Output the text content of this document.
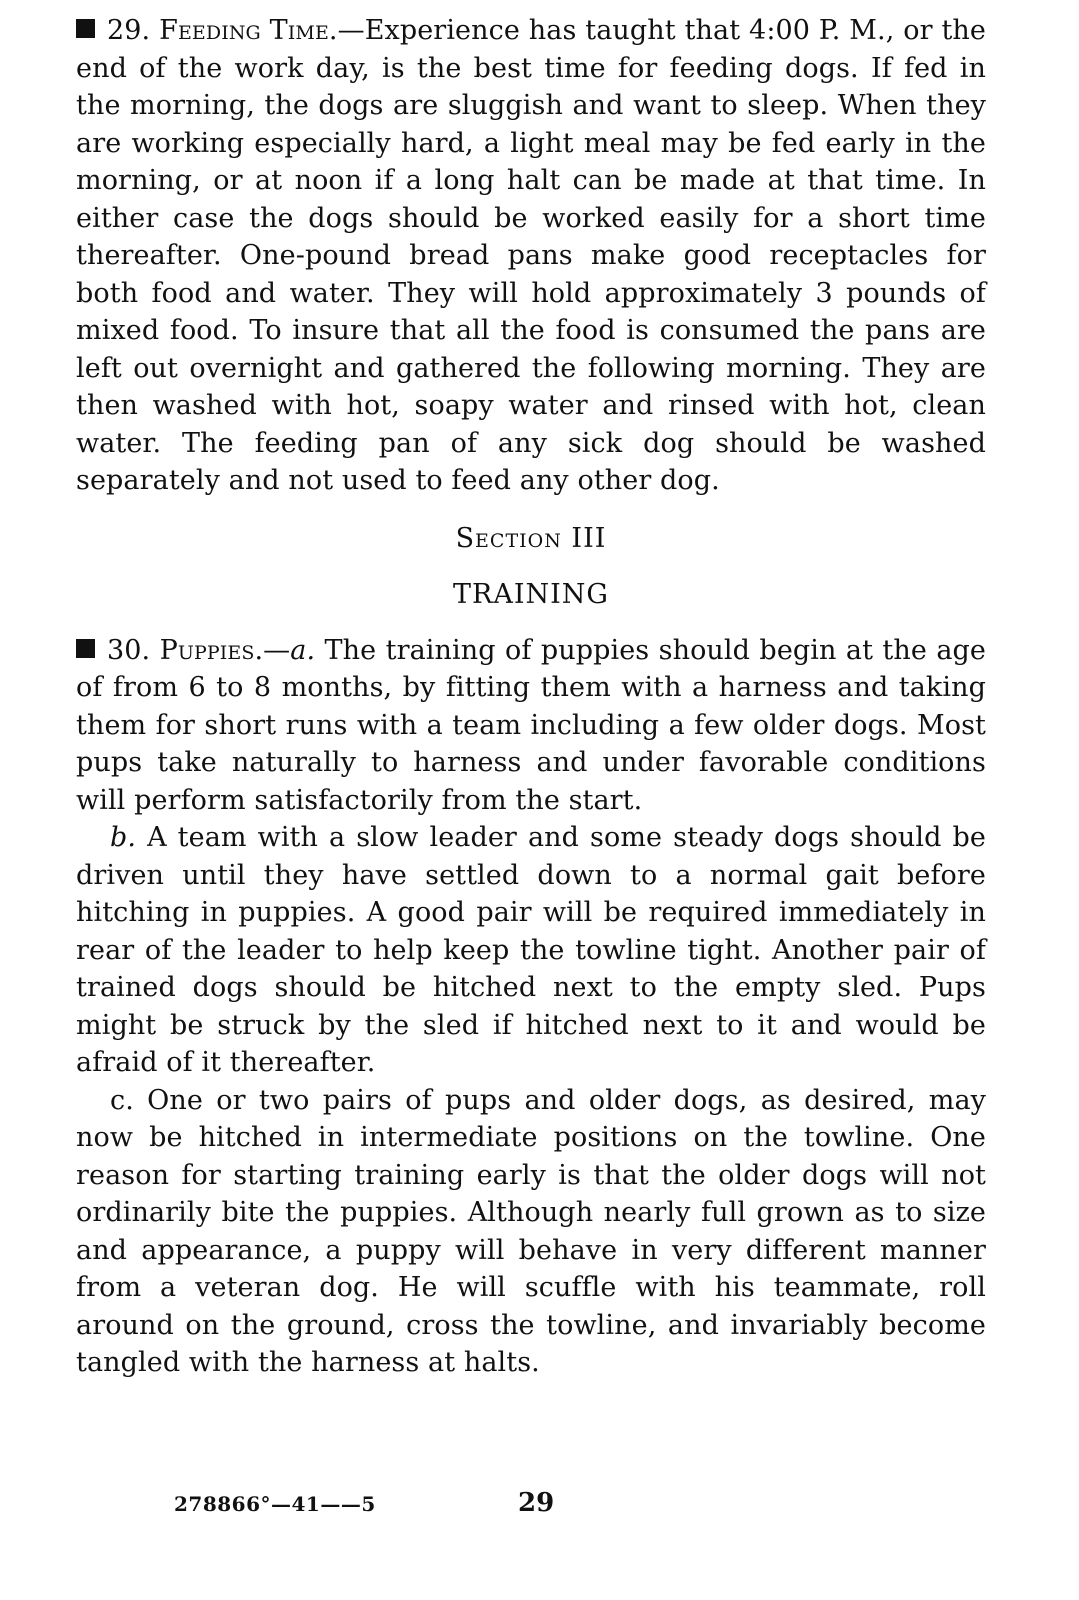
29. Feeding Time.—Experience has taught that 4:00 P. M., or the end of the work day, is the best time for feeding dogs. If fed in the morning, the dogs are sluggish and want to sleep. When they are working especially hard, a light meal may be fed early in the morning, or at noon if a long halt can be made at that time. In either case the dogs should be worked easily for a short time thereafter. One-pound bread pans make good receptacles for both food and water. They will hold approximately 3 pounds of mixed food. To insure that all the food is consumed the pans are left out overnight and gathered the following morning. They are then washed with hot, soapy water and rinsed with hot, clean water. The feeding pan of any sick dog should be washed separately and not used to feed any other dog.

Section III

TRAINING

30. Puppies.—a. The training of puppies should begin at the age of from 6 to 8 months, by fitting them with a harness and taking them for short runs with a team including a few older dogs. Most pups take naturally to harness and under favorable conditions will perform satisfactorily from the start.

b. A team with a slow leader and some steady dogs should be driven until they have settled down to a normal gait before hitching in puppies. A good pair will be required immediately in rear of the leader to help keep the towline tight. Another pair of trained dogs should be hitched next to the empty sled. Pups might be struck by the sled if hitched next to it and would be afraid of it thereafter.

c. One or two pairs of pups and older dogs, as desired, may now be hitched in intermediate positions on the towline. One reason for starting training early is that the older dogs will not ordinarily bite the puppies. Although nearly full grown as to size and appearance, a puppy will behave in very different manner from a veteran dog. He will scuffle with his teammate, roll around on the ground, cross the towline, and invariably become tangled with the harness at halts.

278866°—41——5	29
